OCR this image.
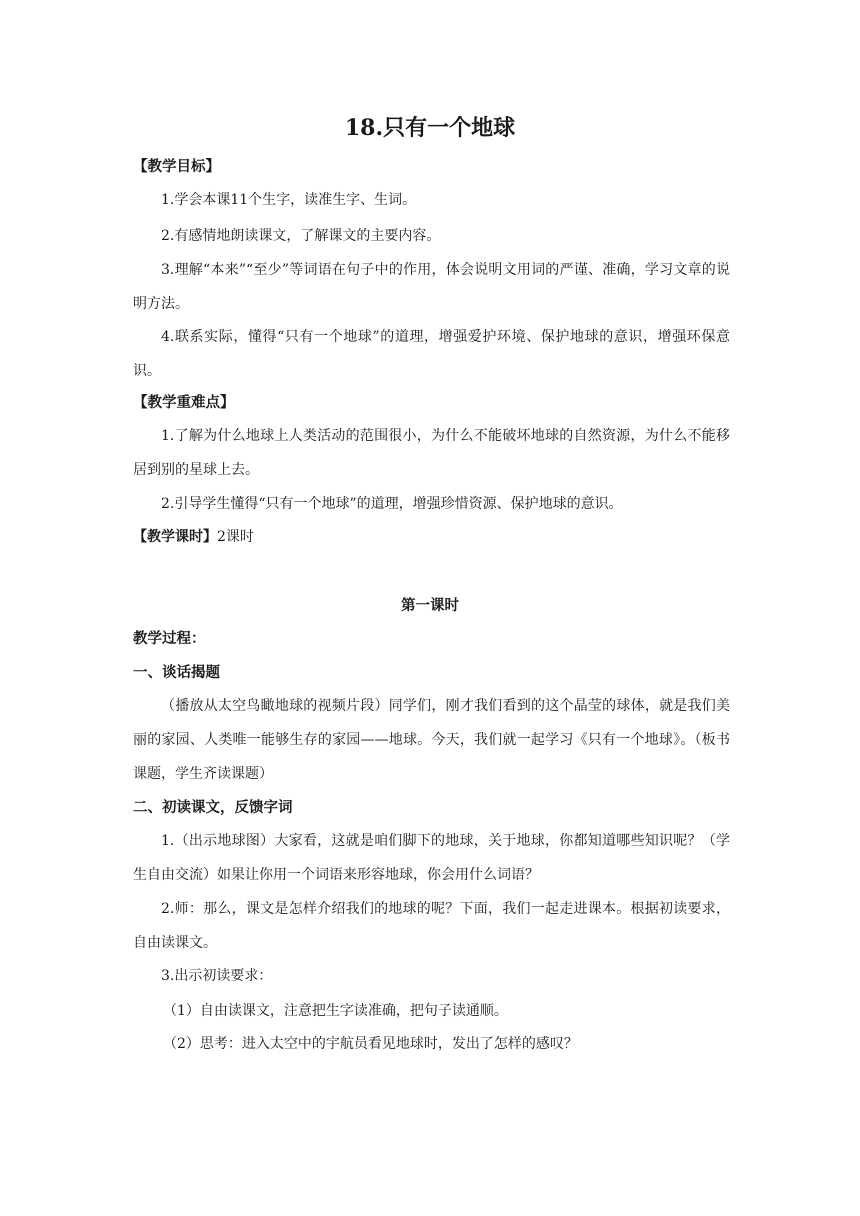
18.只有一个地球
【教学目标】

1.学会本课11个生字，读准生字、生词。

2.有感情地朗读课文，了解课文的主要内容。

3.理解“本来”“至少”等词语在句子中的作用，体会说明文用词的严谨、准确，学习文章的说明方法。

4.联系实际，懂得“只有一个地球”的道理，增强爱护环境、保护地球的意识，增强环保意识。

【教学重难点】

1.了解为什么地球上人类活动的范围很小，为什么不能破坏地球的自然资源，为什么不能移居到别的星球上去。

2.引导学生懂得“只有一个地球”的道理，增强珍惜资源、保护地球的意识。

【教学课时】2课时
第一课时
教学过程：
一、谈话揭题

（播放从太空鸟瞰地球的视频片段）同学们，刚才我们看到的这个晶莹的球体，就是我们美丽的家园、人类唯一能够生存的家园——地球。今天，我们就一起学习《只有一个地球》。（板书课题，学生齐读课题）

二、初读课文，反馈字词

1.（出示地球图）大家看，这就是咱们脚下的地球，关于地球，你都知道哪些知识呢？（学生自由交流）如果让你用一个词语来形容地球，你会用什么词语？

2.师：那么，课文是怎样介绍我们的地球的呢？下面，我们一起走进课本。根据初读要求，自由读课文。

3.出示初读要求：

（1）自由读课文，注意把生字读准确，把句子读通顺。
（2）思考：进入太空中的宇航员看见地球时，发出了怎样的感叹？
